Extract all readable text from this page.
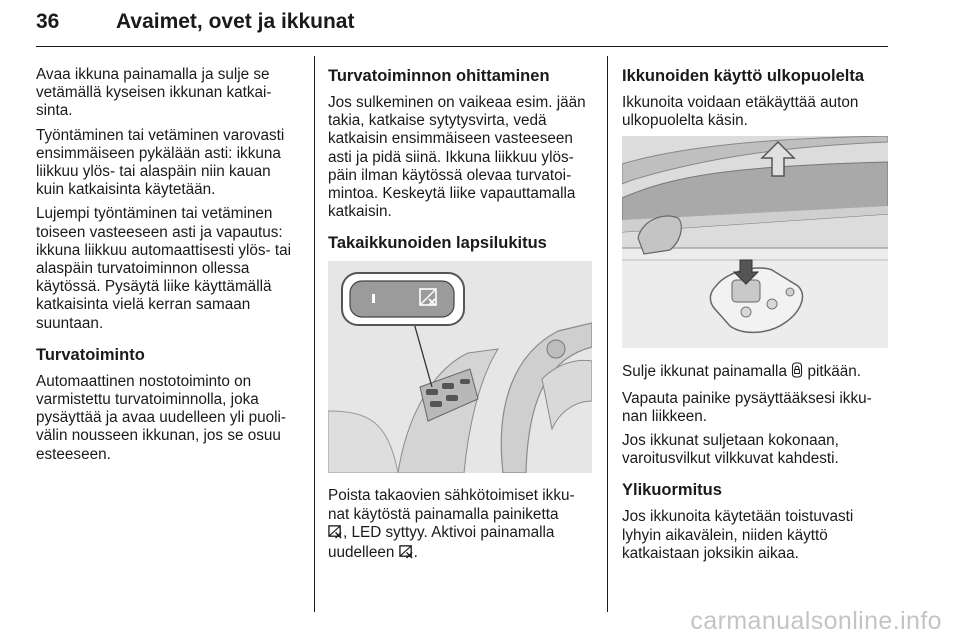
36	Avaimet, ovet ja ikkunat

Avaa ikkuna painamalla ja sulje se vetämällä kyseisen ikkunan katkai-sinta.

Työntäminen tai vetäminen varovasti ensimmäiseen pykälään asti: ikkuna liikkuu ylös- tai alaspäin niin kauan kuin katkaisinta käytetään.

Lujempi työntäminen tai vetäminen toiseen vasteeseen asti ja vapautus: ikkuna liikkuu automaattisesti ylös- tai alaspäin turvatoiminnon ollessa käytössä. Pysäytä liike käyttämällä katkaisinta vielä kerran samaan suuntaan.

Turvatoiminto

Automaattinen nostotoiminto on varmistettu turvatoiminnolla, joka pysäyttää ja avaa uudelleen yli puoli-välin nousseen ikkunan, jos se osuu esteeseen.

Turvatoiminnon ohittaminen

Jos sulkeminen on vaikeaa esim. jään takia, katkaise sytytysvirta, vedä katkaisin ensimmäiseen vasteeseen asti ja pidä siinä. Ikkuna liikkuu ylös-päin ilman käytössä olevaa turvatoi-mintoa. Keskeytä liike vapauttamalla katkaisin.

Takaikkunoiden lapsilukitus

Poista takaovien sähkötoimiset ikku-nat käytöstä painamalla painiketta
, LED syttyy. Aktivoi painamalla uudelleen .

Ikkunoiden käyttö ulkopuolelta

Ikkunoita voidaan etäkäyttää auton ulkopuolelta käsin.

Sulje ikkunat painamalla pitkään.

Vapauta painike pysäyttääksesi ikku-nan liikkeen.

Jos ikkunat suljetaan kokonaan, varoitusvilkut vilkkuvat kahdesti.

Ylikuormitus

Jos ikkunoita käytetään toistuvasti lyhyin aikavälein, niiden käyttö katkaistaan joksikin aikaa.

carmanualsonline.info
